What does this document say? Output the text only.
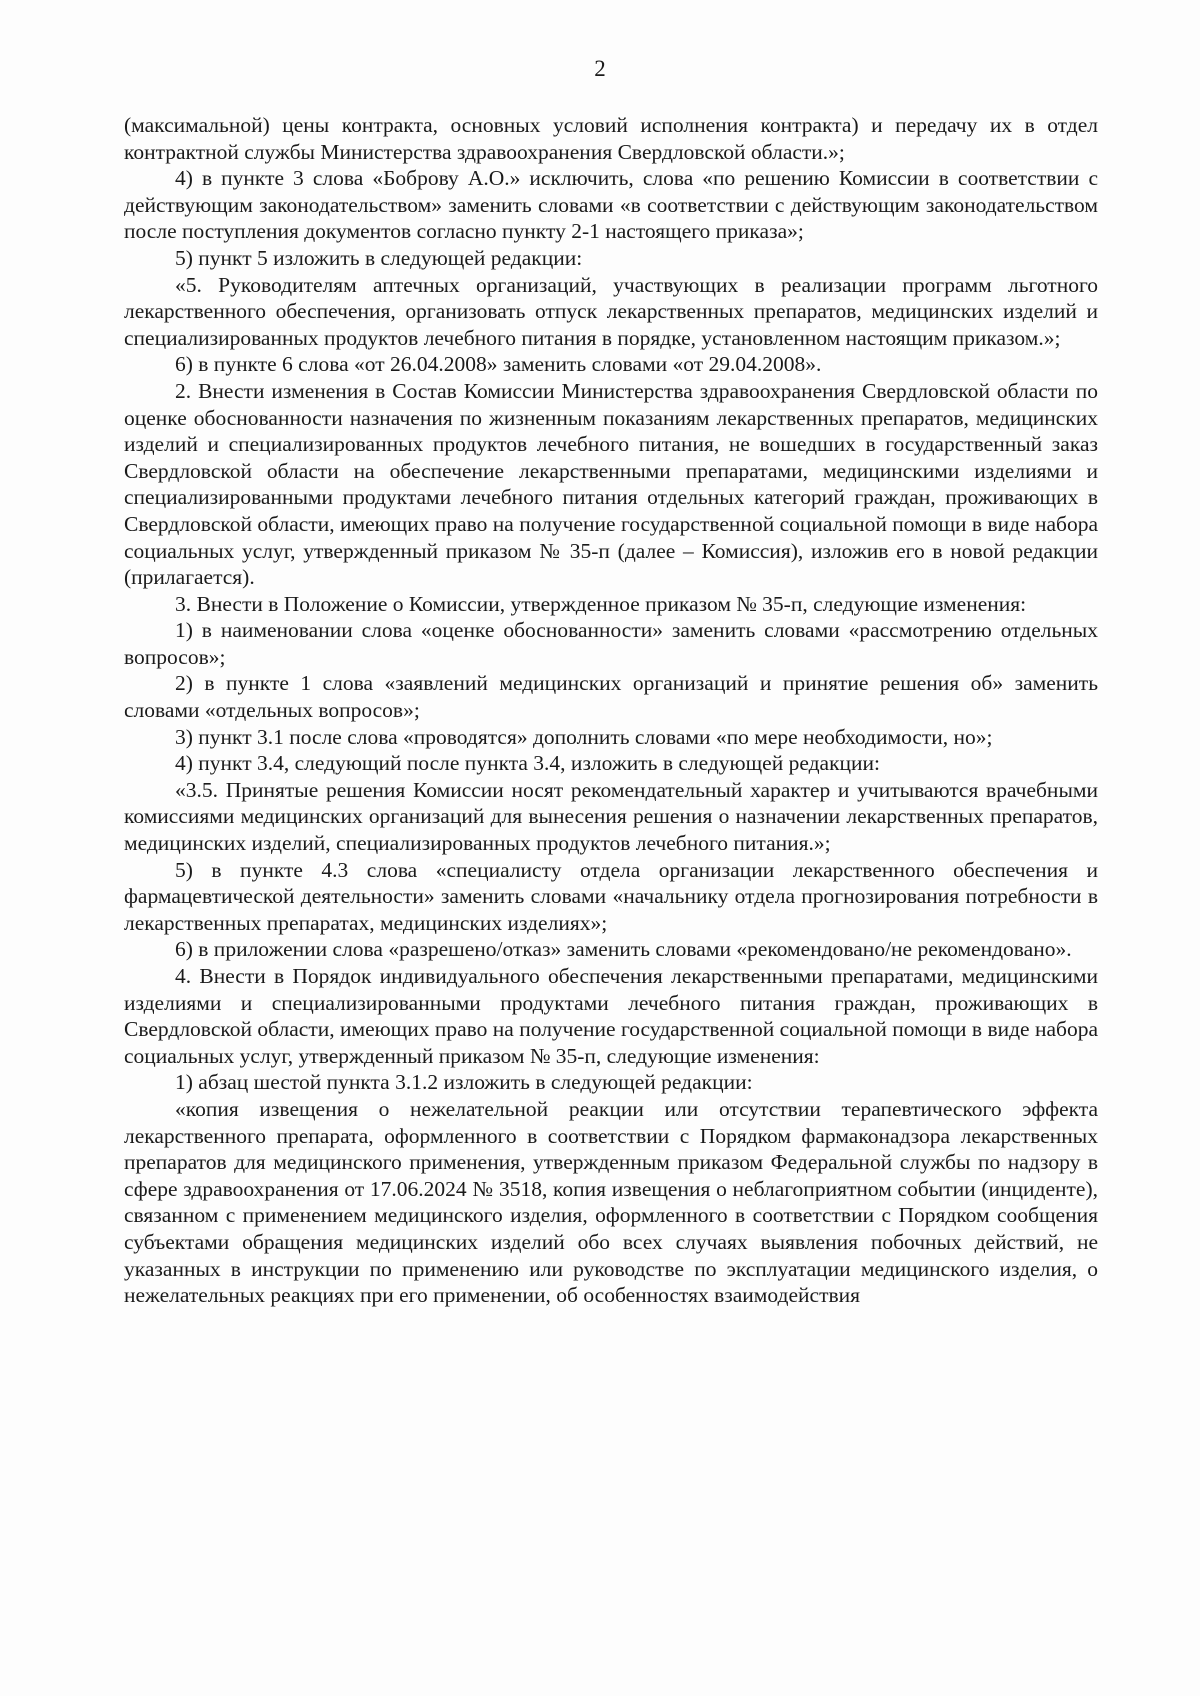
2

(максимальной) цены контракта, основных условий исполнения контракта) и передачу их в отдел контрактной службы Министерства здравоохранения Свердловской области.»;

4) в пункте 3 слова «Боброву А.О.» исключить, слова «по решению Комиссии в соответствии с действующим законодательством» заменить словами «в соответствии с действующим законодательством после поступления документов согласно пункту 2-1 настоящего приказа»;

5) пункт 5 изложить в следующей редакции:

«5. Руководителям аптечных организаций, участвующих в реализации программ льготного лекарственного обеспечения, организовать отпуск лекарственных препаратов, медицинских изделий и специализированных продуктов лечебного питания в порядке, установленном настоящим приказом.»;

6) в пункте 6 слова «от 26.04.2008» заменить словами «от 29.04.2008».

2. Внести изменения в Состав Комиссии Министерства здравоохранения Свердловской области по оценке обоснованности назначения по жизненным показаниям лекарственных препаратов, медицинских изделий и специализированных продуктов лечебного питания, не вошедших в государственный заказ Свердловской области на обеспечение лекарственными препаратами, медицинскими изделиями и специализированными продуктами лечебного питания отдельных категорий граждан, проживающих в Свердловской области, имеющих право на получение государственной социальной помощи в виде набора социальных услуг, утвержденный приказом № 35-п (далее – Комиссия), изложив его в новой редакции (прилагается).

3. Внести в Положение о Комиссии, утвержденное приказом № 35-п, следующие изменения:

1) в наименовании слова «оценке обоснованности» заменить словами «рассмотрению отдельных вопросов»;

2) в пункте 1 слова «заявлений медицинских организаций и принятие решения об» заменить словами «отдельных вопросов»;

3) пункт 3.1 после слова «проводятся» дополнить словами «по мере необходимости, но»;

4) пункт 3.4, следующий после пункта 3.4, изложить в следующей редакции:

«3.5. Принятые решения Комиссии носят рекомендательный характер и учитываются врачебными комиссиями медицинских организаций для вынесения решения о назначении лекарственных препаратов, медицинских изделий, специализированных продуктов лечебного питания.»;

5) в пункте 4.3 слова «специалисту отдела организации лекарственного обеспечения и фармацевтической деятельности» заменить словами «начальнику отдела прогнозирования потребности в лекарственных препаратах, медицинских изделиях»;

6) в приложении слова «разрешено/отказ» заменить словами «рекомендовано/не рекомендовано».

4. Внести в Порядок индивидуального обеспечения лекарственными препаратами, медицинскими изделиями и специализированными продуктами лечебного питания граждан, проживающих в Свердловской области, имеющих право на получение государственной социальной помощи в виде набора социальных услуг, утвержденный приказом № 35-п, следующие изменения:

1) абзац шестой пункта 3.1.2 изложить в следующей редакции:

«копия извещения о нежелательной реакции или отсутствии терапевтического эффекта лекарственного препарата, оформленного в соответствии с Порядком фармаконадзора лекарственных препаратов для медицинского применения, утвержденным приказом Федеральной службы по надзору в сфере здравоохранения от 17.06.2024 № 3518, копия извещения о неблагоприятном событии (инциденте), связанном с применением медицинского изделия, оформленного в соответствии с Порядком сообщения субъектами обращения медицинских изделий обо всех случаях выявления побочных действий, не указанных в инструкции по применению или руководстве по эксплуатации медицинского изделия, о нежелательных реакциях при его применении, об особенностях взаимодействия
